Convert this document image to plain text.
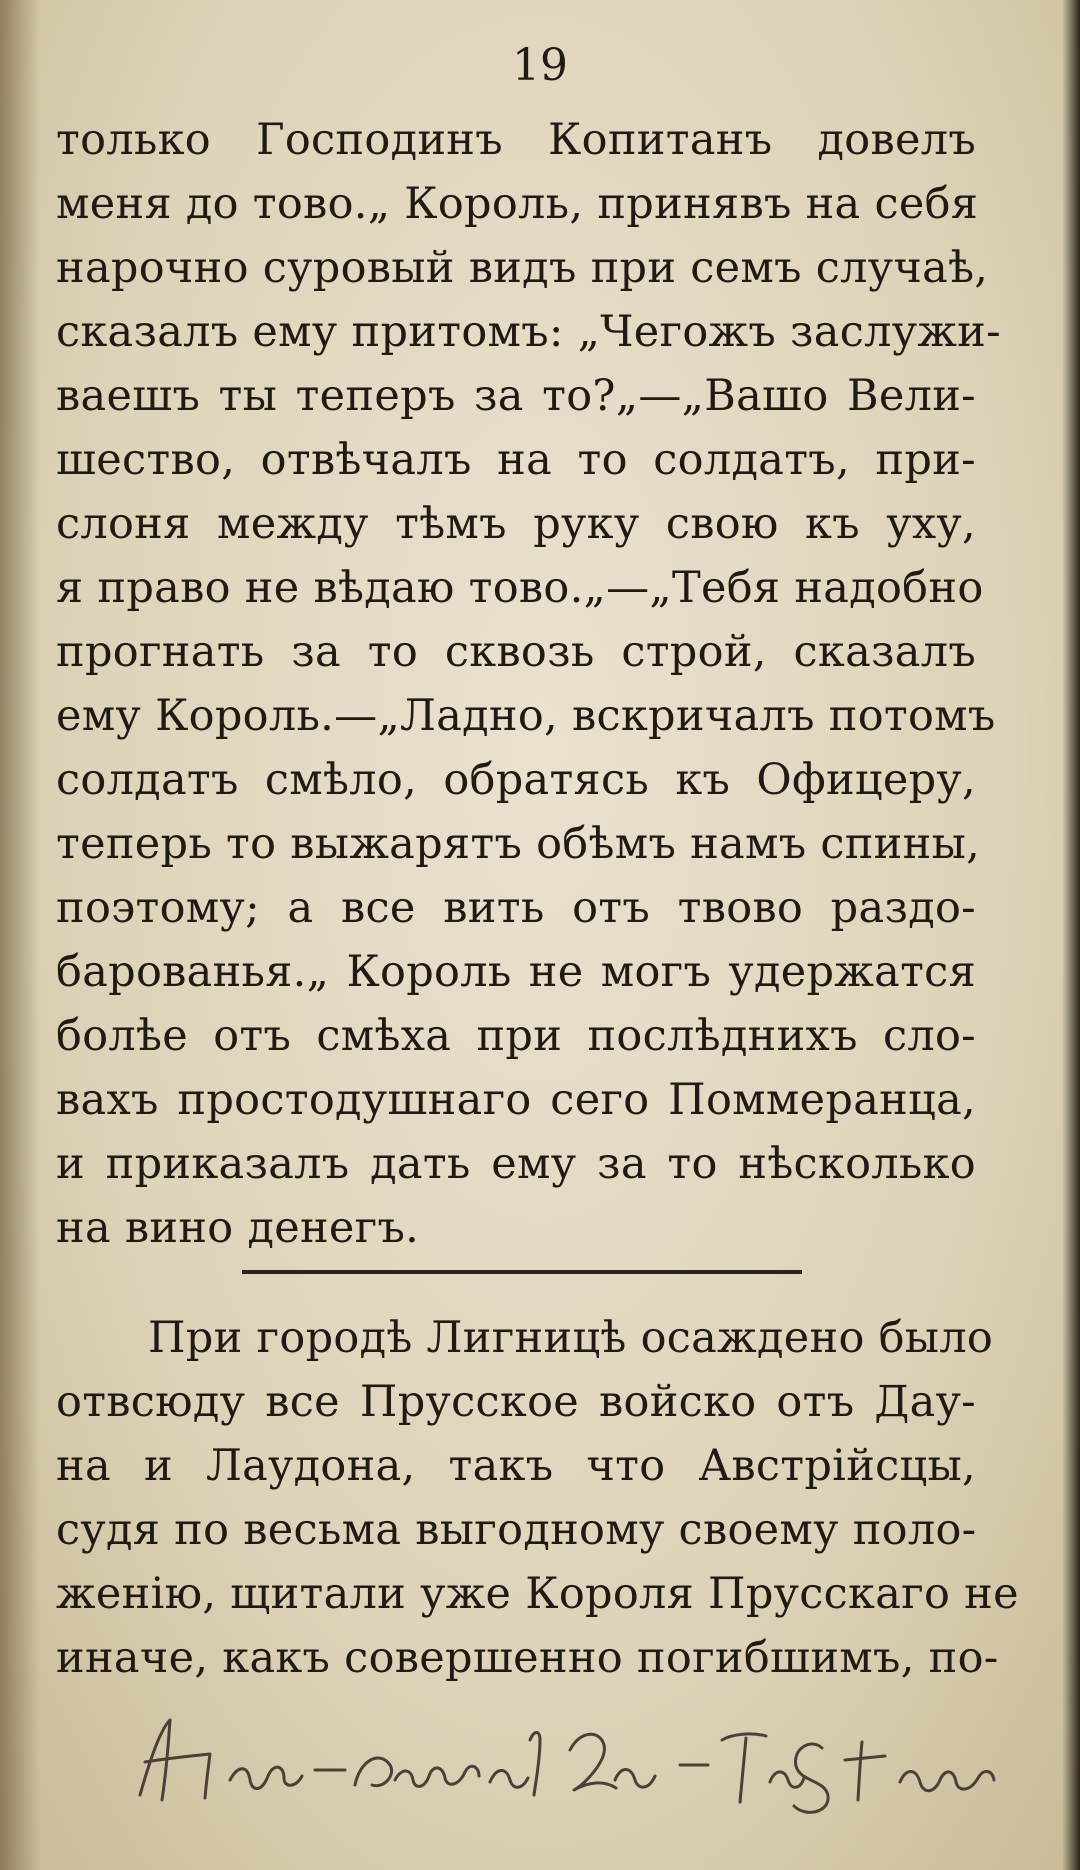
19
только Господинъ Копитанъ довелъ
меня до тово.„ Король, принявъ на себя
нарочно суровый видъ при семъ случаѣ,
сказалъ ему притомъ: „Чегожъ заслужи-
ваешъ ты теперъ за то?„—„Вашо Вели-
шество, отвѣчалъ на то солдатъ, при-
слоня между тѣмъ руку свою къ уху,
я право не вѣдаю тово.„—„Тебя надобно
прогнать за то сквозь строй, сказалъ
ему Король.—„Ладно, вскричалъ потомъ
солдатъ смѣло, обратясь къ Офицеру,
теперь то выжарятъ обѣмъ намъ спины,
поэтому; а все вить отъ твово раздо-
барованья.„ Король не могъ удержатся
болѣе отъ смѣха при послѣднихъ сло-
вахъ простодушнаго сего Поммеранца,
и приказалъ дать ему за то нѣсколько
на вино денегъ.
При городѣ Лигницѣ осаждено было
отвсюду все Прусское войско отъ Дау-
на и Лаудона, такъ что Австрійсцы,
судя по весьма выгодному своему поло-
женію, щитали уже Короля Прусскаго не
иначе, какъ совершенно погибшимъ, по-
